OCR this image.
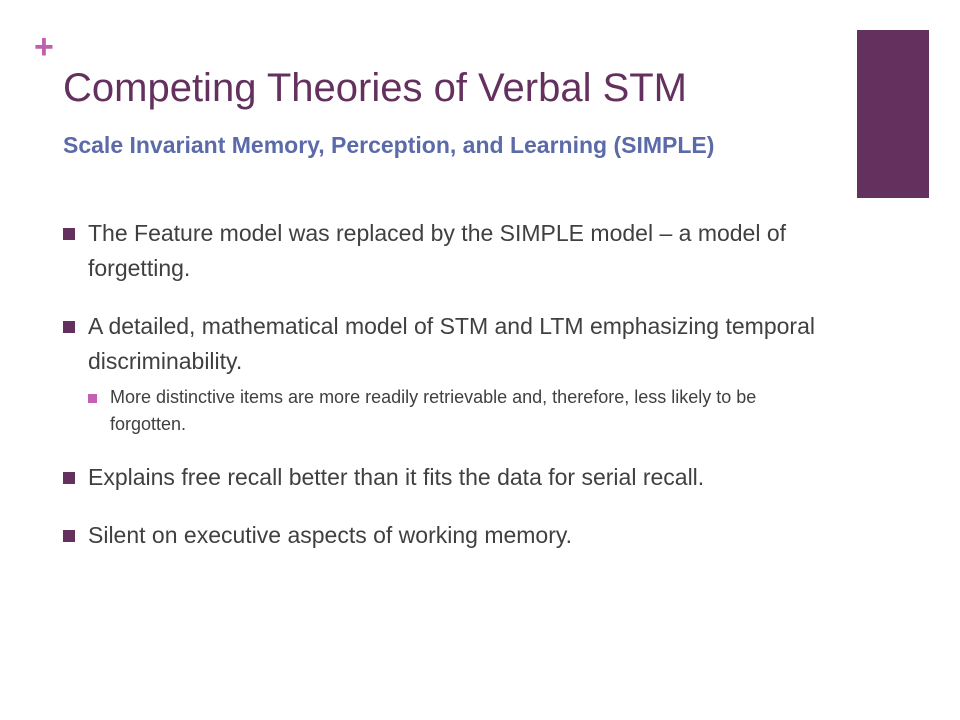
+
Competing Theories of Verbal STM
Scale Invariant Memory, Perception, and Learning (SIMPLE)
The Feature model was replaced by the SIMPLE model – a model of forgetting.
A detailed, mathematical model of STM and LTM emphasizing temporal discriminability.
More distinctive items are more readily retrievable and, therefore, less likely to be forgotten.
Explains free recall better than it fits the data for serial recall.
Silent on executive aspects of working memory.
